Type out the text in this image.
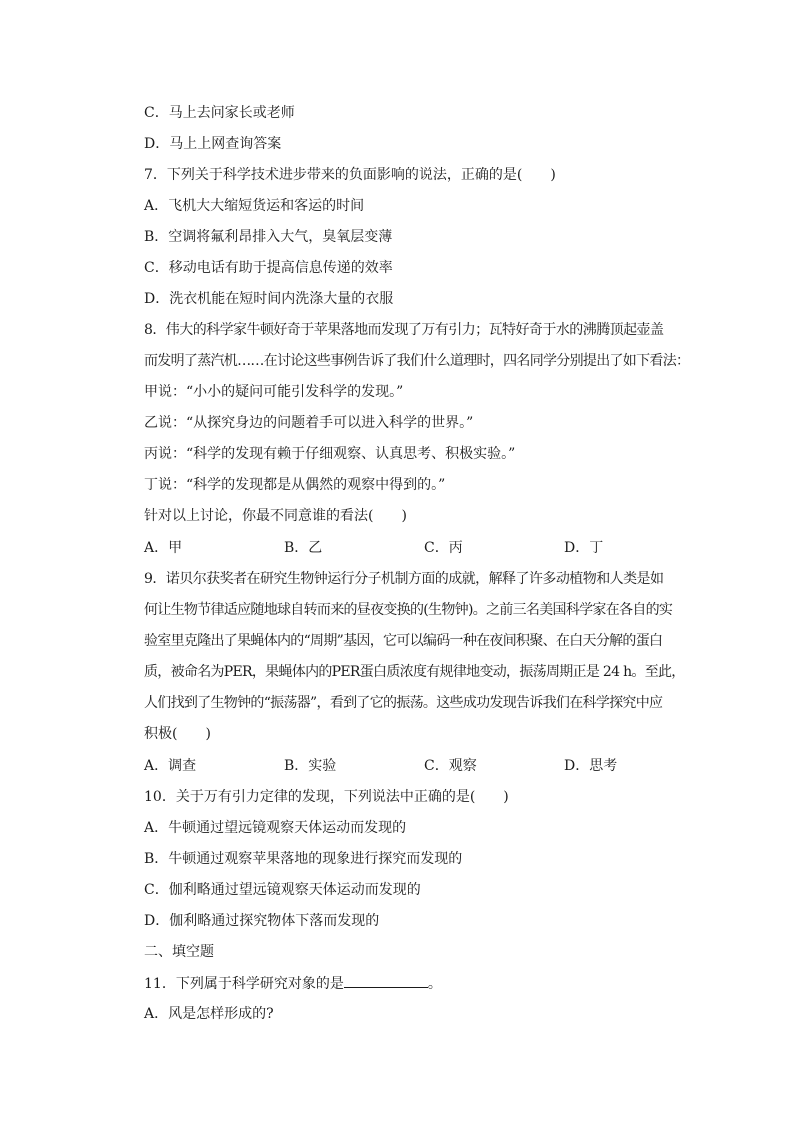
C．马上去问家长或老师
D．马上上网查询答案
7．下列关于科学技术进步带来的负面影响的说法，正确的是(　　)
A．飞机大大缩短货运和客运的时间
B．空调将氟利昂排入大气，臭氧层变薄
C．移动电话有助于提高信息传递的效率
D．洗衣机能在短时间内洗涤大量的衣服
8．伟大的科学家牛顿好奇于苹果落地而发现了万有引力；瓦特好奇于水的沸腾顶起壶盖
而发明了蒸汽机……在讨论这些事例告诉了我们什么道理时，四名同学分别提出了如下看法：
甲说：“小小的疑问可能引发科学的发现。”
乙说：“从探究身边的问题着手可以进入科学的世界。”
丙说：“科学的发现有赖于仔细观察、认真思考、积极实验。”
丁说：“科学的发现都是从偶然的观察中得到的。”
针对以上讨论，你最不同意谁的看法(　　)
A．甲	B．乙	C．丙	D．丁
9．诺贝尔获奖者在研究生物钟运行分子机制方面的成就，解释了许多动植物和人类是如
何让生物节律适应随地球自转而来的昼夜变换的(生物钟)。之前三名美国科学家在各自的实
验室里克隆出了果蝇体内的“周期”基因，它可以编码一种在夜间积聚、在白天分解的蛋白
质，被命名为PER，果蝇体内的PER蛋白质浓度有规律地变动，振荡周期正是 24 h。至此，
人们找到了生物钟的“振荡器”，看到了它的振荡。这些成功发现告诉我们在科学探究中应
积极(　　)
A．调查	B．实验	C．观察	D．思考
10．关于万有引力定律的发现，下列说法中正确的是(　　)
A．牛顿通过望远镜观察天体运动而发现的
B．牛顿通过观察苹果落地的现象进行探究而发现的
C．伽利略通过望远镜观察天体运动而发现的
D．伽利略通过探究物体下落而发现的
二、填空题
11．下列属于科学研究对象的是	。
A．风是怎样形成的?
